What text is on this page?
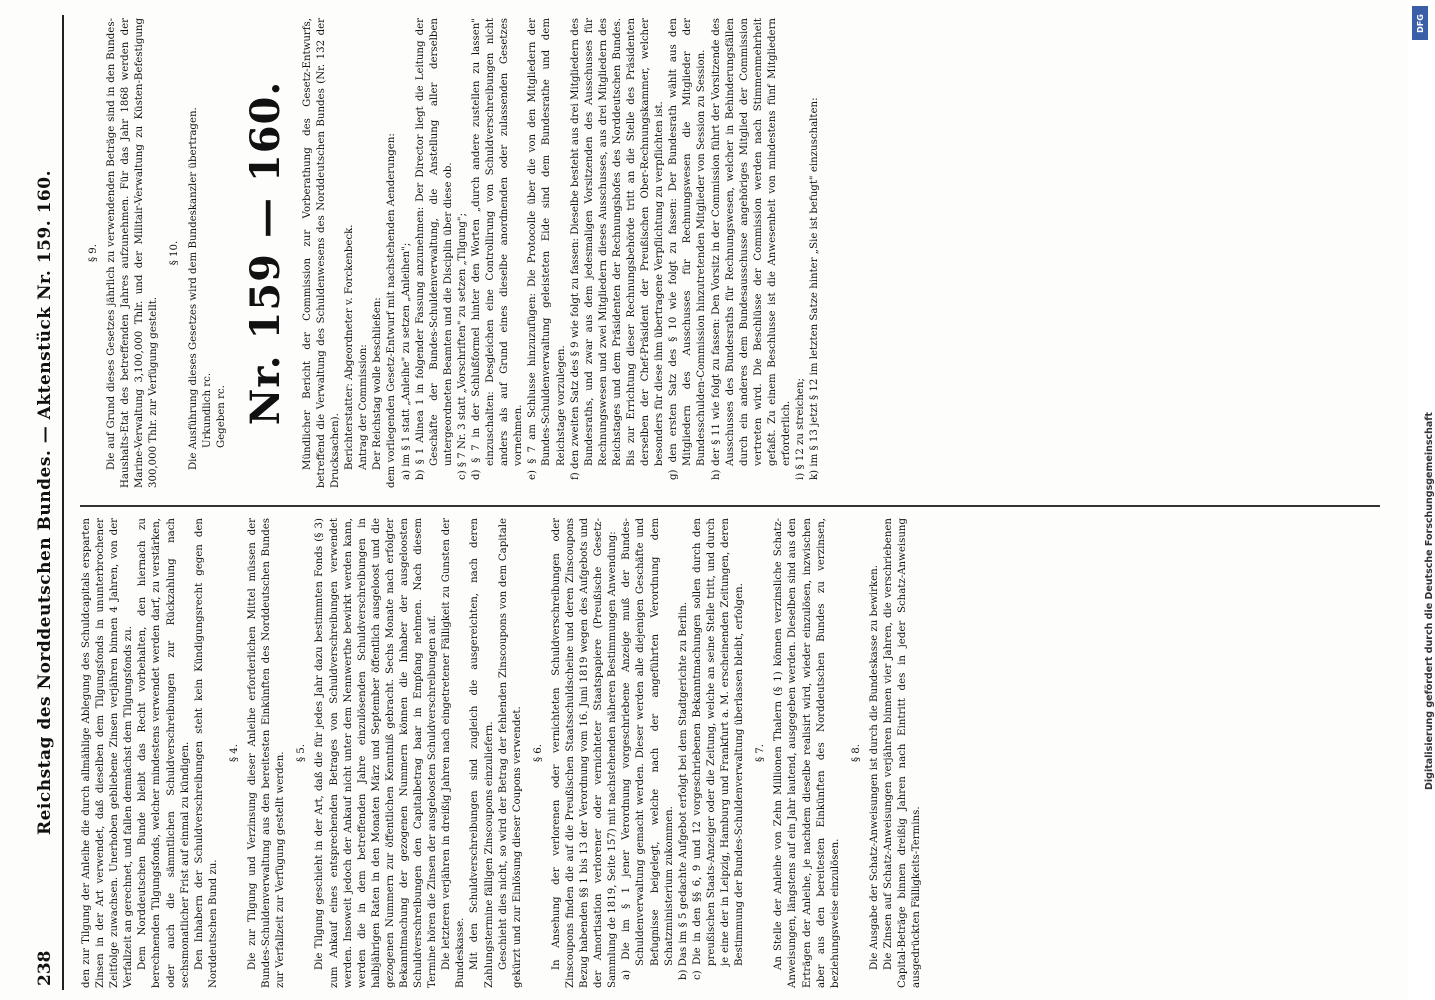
238
Reichstag des Norddeutschen Bundes. — Aktenstück Nr. 159. 160.	den zur Tilgung der Anleihe die durch allmählige Ablegung des Schuldcapitals ersparten Zinsen in der Art verwendet, daß dieselben dem Tilgungsfonds in ununterbrochener Zeitfolge zuwachsen. Unerhoben gebliebene Zinsen verjähren binnen 4 Jahren, von der Verfallzeit an gerechnet, und fallen demnächst dem Tilgungsfonds zu. Dem Norddeutschen Bunde bleibt das Recht vorbehalten, den hiernach zu berechnenden Tilgungsfonds, welcher mindestens verwendet werden darf, zu verstärken, oder auch die sämmtlichen Schuldverschreibungen zur Rückzahlung nach sechsmonatlicher Frist auf einmal zu kündigen. Den Inhabern der Schuldverschreibungen steht kein Kündigungsrecht gegen den Norddeutschen Bund zu.

§ 4. Die zur Tilgung und Verzinsung dieser Anleihe erforderlichen Mittel müssen der Bundes-Schuldenverwaltung aus den bereitesten Einkünften des Norddeutschen Bundes zur Verfallzeit zur Verfügung gestellt werden. § 5. Die Tilgung geschieht in der Art, daß die für jedes Jahr dazu bestimmten Fonds (§ 3) zum Ankauf eines entsprechenden Betrages von Schuldverschreibungen verwendet werden. Insoweit jedoch der Ankauf nicht unter dem Nennwerthe bewirkt werden kann, werden die in dem betreffenden Jahre einzulösenden Schuldverschreibungen in halbjährigen Raten in den Monaten März und September öffentlich ausgeloost und die gezogenen Nummern zur öffentlichen Kenntniß gebracht. Sechs Monate nach erfolgter Bekanntmachung der gezogenen Nummern können die Inhaber der ausgeloosten Schuldverschreibungen den Capitalbetrag baar in Empfang nehmen. Nach diesem Termine hören die Zinsen der ausgeloosten Schuldverschreibungen auf. Die letzteren verjähren in dreißig Jahren nach eingetretener Fälligkeit zu Gunsten der Bundeskasse. Mit den Schuldverschreibungen sind zugleich die ausgereichten, nach deren Zahlungstermine fälligen Zinscoupons einzuliefern. Geschieht dies nicht, so wird der Betrag der fehlenden Zinscoupons von dem Capitale gekürzt und zur Einlösung dieser Coupons verwendet. § 6. In Ansehung der verlorenen oder vernichteten Schuldverschreibungen oder Zinscoupons finden die auf die Preußischen Staatsschuldscheine und deren Zinscoupons Bezug habenden §§ 1 bis 13 der Verordnung vom 16. Juni 1819 wegen des Aufgebots und der Amortisation verlorener oder vernichteter Staatspapiere (Preußische Gesetz-Sammlung de 1819, Seite 157) mit nachstehenden näheren Bestimmungen Anwendung: a) Die im § 1 jener Verordnung vorgeschriebene Anzeige muß der Bundes-Schuldenverwaltung gemacht werden. Dieser werden alle diejenigen Geschäfte und Befugnisse beigelegt, welche nach der angeführten Verordnung dem Schatzministerium zukommen. b) Das im § 5 gedachte Aufgebot erfolgt bei dem Stadtgerichte zu Berlin. c) Die in den §§ 6, 9 und 12 vorgeschriebenen Bekanntmachungen sollen durch den preußischen Staats-Anzeiger oder die Zeitung, welche an seine Stelle tritt, und durch je eine der in Leipzig, Hamburg und Frankfurt a. M. erscheinenden Zeitungen, deren Bestimmung der Bundes-Schuldenverwaltung überlassen bleibt, erfolgen. § 7. An Stelle der Anleihe von Zehn Millionen Thalern (§ 1) können verzinsliche Schatz-Anweisungen, längstens auf ein Jahr lautend, ausgegeben werden. Dieselben sind aus den Erträgen der Anleihe, je nachdem dieselbe realisirt wird, wieder einzulösen, inzwischen aber aus den bereitesten Einkünften des Norddeutschen Bundes zu verzinsen, beziehungsweise einzulösen.

§ 8. Die Ausgabe der Schatz-Anweisungen ist durch die Bundeskasse zu bewirken. Die Zinsen auf Schatz-Anweisungen verjähren binnen vier Jahren, die verschriebenen Capital-Beträge binnen dreißig Jahren nach Eintritt des in jeder Schatz-Anweisung ausgedrückten Fälligkeits-Termins.

§ 9. Die auf Grund dieses Gesetzes jährlich zu verwendenden Beträge sind in den Bundes-Haushalts-Etat des betreffenden Jahres aufzunehmen. Für das Jahr 1868 werden der Marine-Verwaltung 3,100,000 Thlr. und der Militair-Verwaltung zu Küsten-Befestigung 300,000 Thlr. zur Verfügung gestellt.

§ 10. Die Ausführung dieses Gesetzes wird dem Bundeskanzler übertragen. Urkundlich rc. Gegeben rc. Nr. 159 — 160. Mündlicher Bericht der Commission zur Vorberathung des Gesetz-Entwurfs, betreffend die Verwaltung des Schuldenwesens des Norddeutschen Bundes (Nr. 132 der Drucksachen). Berichterstatter: Abgeordneter v. Forckenbeck. Antrag der Commission: Der Reichstag wolle beschließen: dem vorliegenden Gesetz-Entwurf mit nachstehenden Aenderungen: a) im § 1 statt „Anleihe" zu setzen „Anleihen"; b) § 1 Alinea 1 in folgender Fassung anzunehmen: Der Director liegt die Leitung der Geschäfte der Bundes-Schuldenverwaltung, die Anstellung aller derselben untergeordneten Beamten und die Disciplin über diese ob. c) § 7 Nr. 3 statt „Vorschriften" zu setzen „Tilgung"; d) § 7 in der Schlußformel hinter den Worten „durch andere zustellen zu lassen" einzuschalten: Desgleichen eine Controllirung von Schuldverschreibungen nicht anders als auf Grund eines dieselbe anordnenden oder zulassenden Gesetzes vornehmen. e) § 7 am Schlusse hinzuzufügen: Die Protocolle über die von den Mitgliedern der Bundes-Schuldenverwaltung geleisteten Eide sind dem Bundesrathe und dem Reichstage vorzulegen. f) den zweiten Satz des § 9 wie folgt zu fassen: Dieselbe besteht aus drei Mitgliedern des Bundesraths, und zwar aus dem jedesmaligen Vorsitzenden des Ausschusses für Rechnungswesen und zwei Mitgliedern dieses Ausschusses, aus drei Mitgliedern des Reichstages und dem Präsidenten der Rechnungshofes des Norddeutschen Bundes. Bis zur Errichtung dieser Rechnungsbehörde tritt an die Stelle des Präsidenten derselben der Chef-Präsident der Preußischen Ober-Rechnungskammer, welcher besonders für diese ihm übertragene Verpflichtung zu verpflichten ist. g) den ersten Satz des § 10 wie folgt zu fassen: Der Bundesrath wählt aus den Mitgliedern des Ausschusses für Rechnungswesen die Mitglieder der Bundesschulden-Commission hinzutretenden Mitglieder von Session zu Session. h) der § 11 wie folgt zu fassen: Den Vorsitz in der Commission führt der Vorsitzende des Ausschusses des Bundesraths für Rechnungswesen, welcher in Behinderungsfällen durch ein anderes dem Bundesausschusse angehöriges Mitglied der Commission vertreten wird. Die Beschlüsse der Commission werden nach Stimmenmehrheit gefaßt. Zu einem Beschlusse ist die Anwesenheit von mindestens fünf Mitgliedern erforderlich. i) § 12 zu streichen; k) im § 13 jetzt § 12 im letzten Satze hinter „Sie ist befugt" einzuschalten:

DFG
Digitalisierung gefördert durch die Deutsche Forschungsgemeinschaft
